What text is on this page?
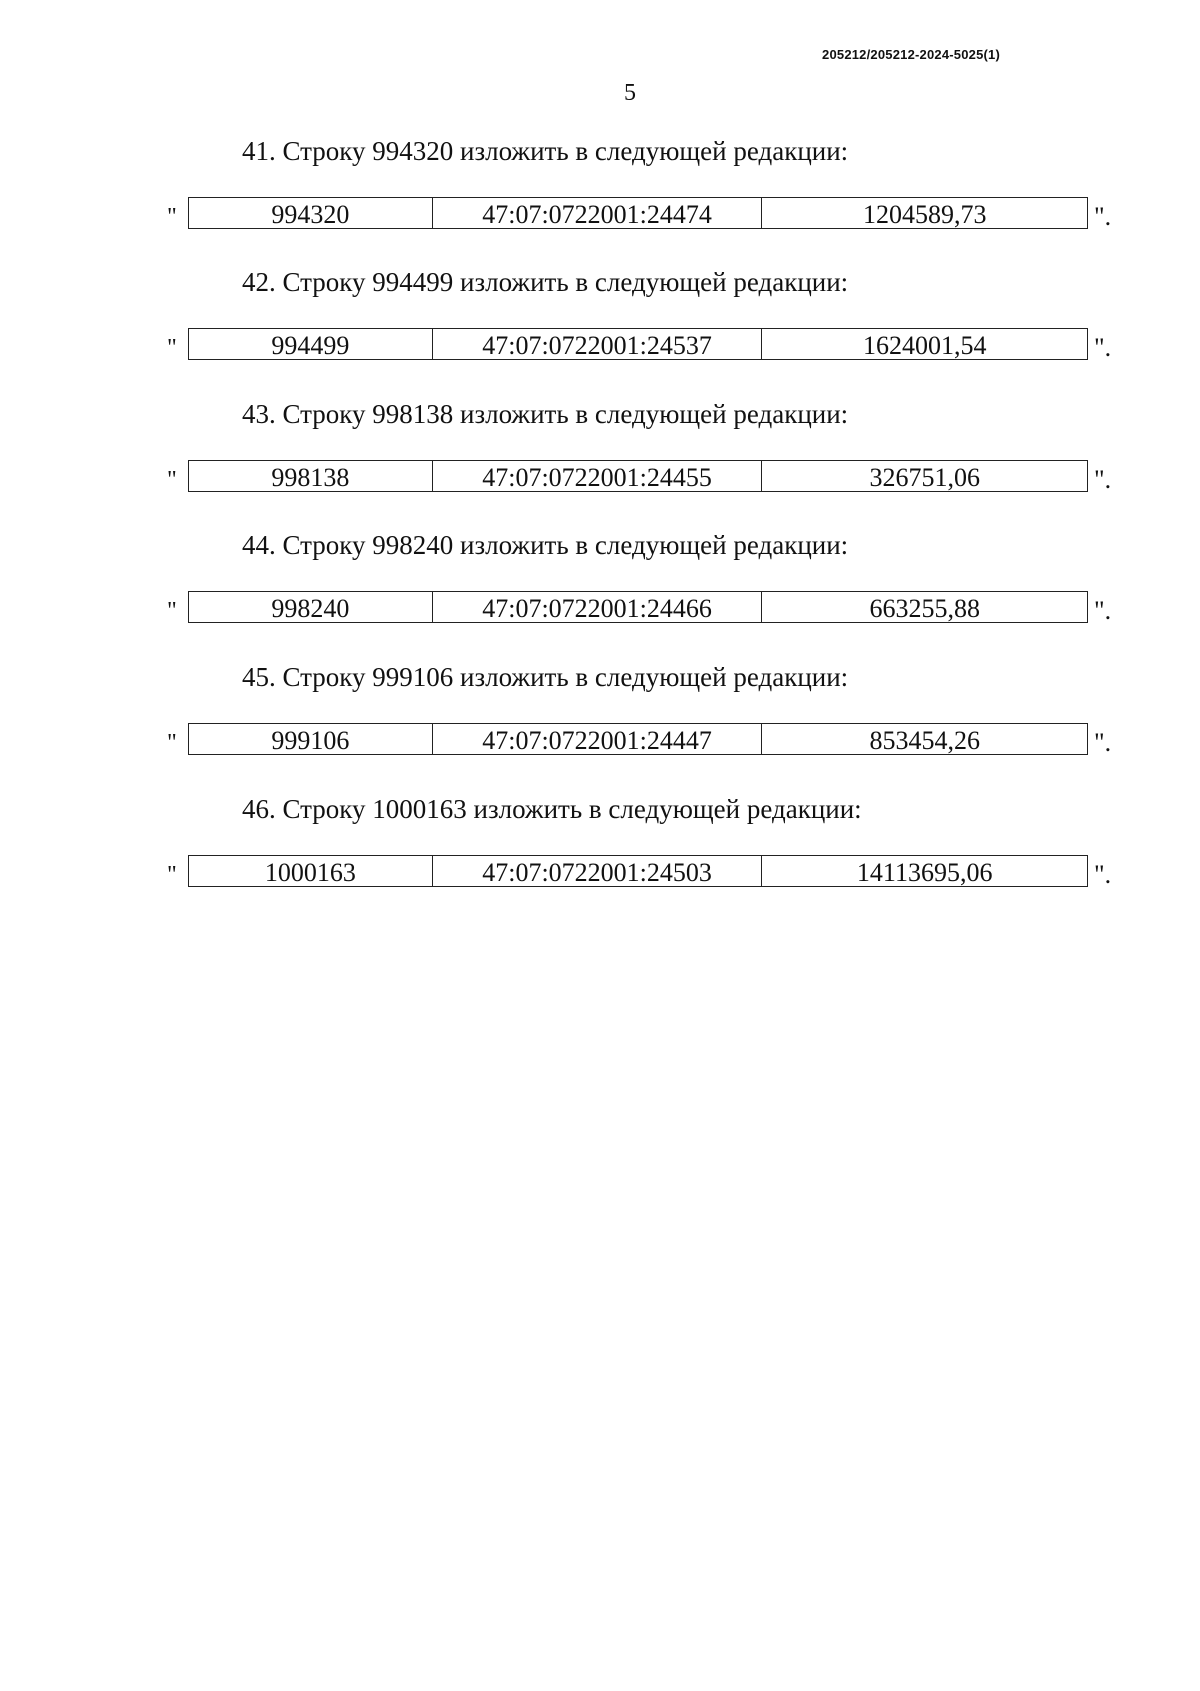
205212/205212-2024-5025(1)
5
41. Строку 994320 изложить в следующей редакции:
"	994320	47:07:0722001:24474	1204589,73	".
42. Строку 994499 изложить в следующей редакции:
"	994499	47:07:0722001:24537	1624001,54	".
43. Строку 998138 изложить в следующей редакции:
"	998138	47:07:0722001:24455	326751,06	".
44. Строку 998240 изложить в следующей редакции:
"	998240	47:07:0722001:24466	663255,88	".
45. Строку 999106 изложить в следующей редакции:
"	999106	47:07:0722001:24447	853454,26	".
46. Строку 1000163 изложить в следующей редакции:
"	1000163	47:07:0722001:24503	14113695,06	".
